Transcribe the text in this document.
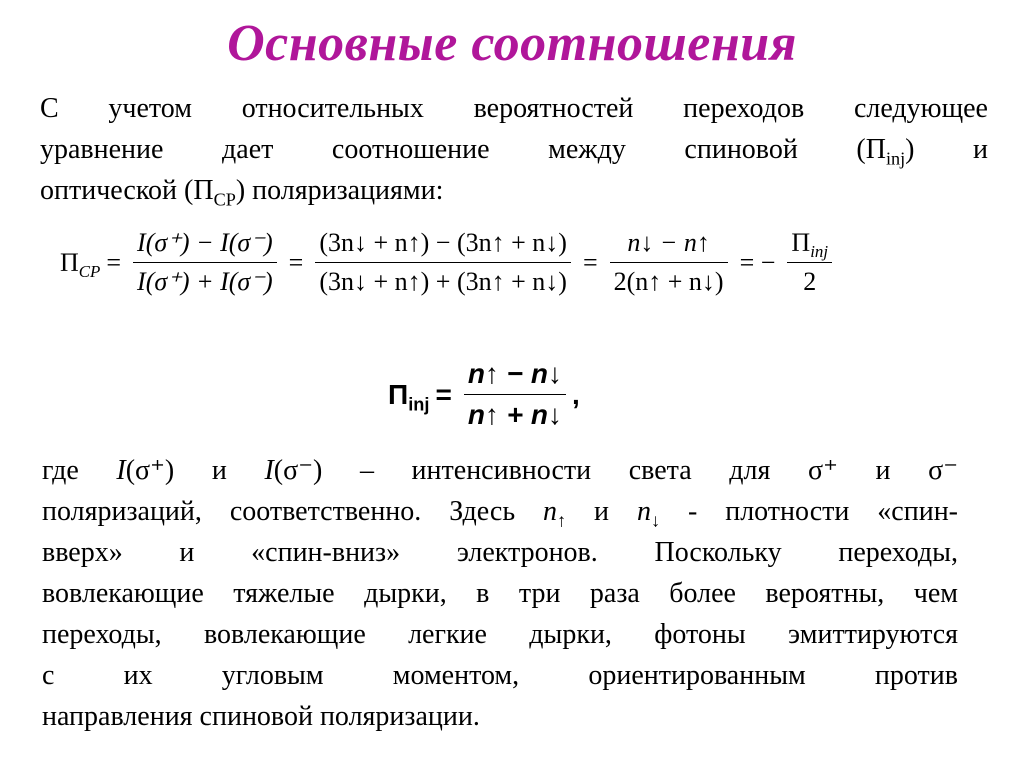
Основные соотношения
С учетом относительных вероятностей переходов следующее
уравнение дает соотношение между спиновой $(П_{inj})$ и
оптической $(П_{CP})$ поляризациями:
$\Pi_{CP} = \frac{I(\sigma^+) - I(\sigma^-)}{I(\sigma^+) + I(\sigma^-)} = \frac{(3n↓ + n↑) - (3n↑ + n↓)}{(3n↓ + n↑) + (3n↑ + n↓)} = \frac{n↓ - n↑}{2(n↑ + n↓)}$ = − $\frac{\Pi_{inj}}{2}$
$\Pi_{inj} = \frac{n↑ - n↓}{n↑ + n↓}$ ,
где I(σ⁺) и I(σ⁻) – интенсивности света для σ⁺ и σ⁻
поляризаций, соответственно. Здесь $n_↑$ и $n_↓$ - плотности «спин-
вверх» и «спин-вниз» электронов. Поскольку переходы,
вовлекающие тяжелые дырки, в три раза более вероятны, чем
переходы, вовлекающие легкие дырки, фотоны эмиттируются
с их угловым моментом, ориентированным против
направления спиновой поляризации.
